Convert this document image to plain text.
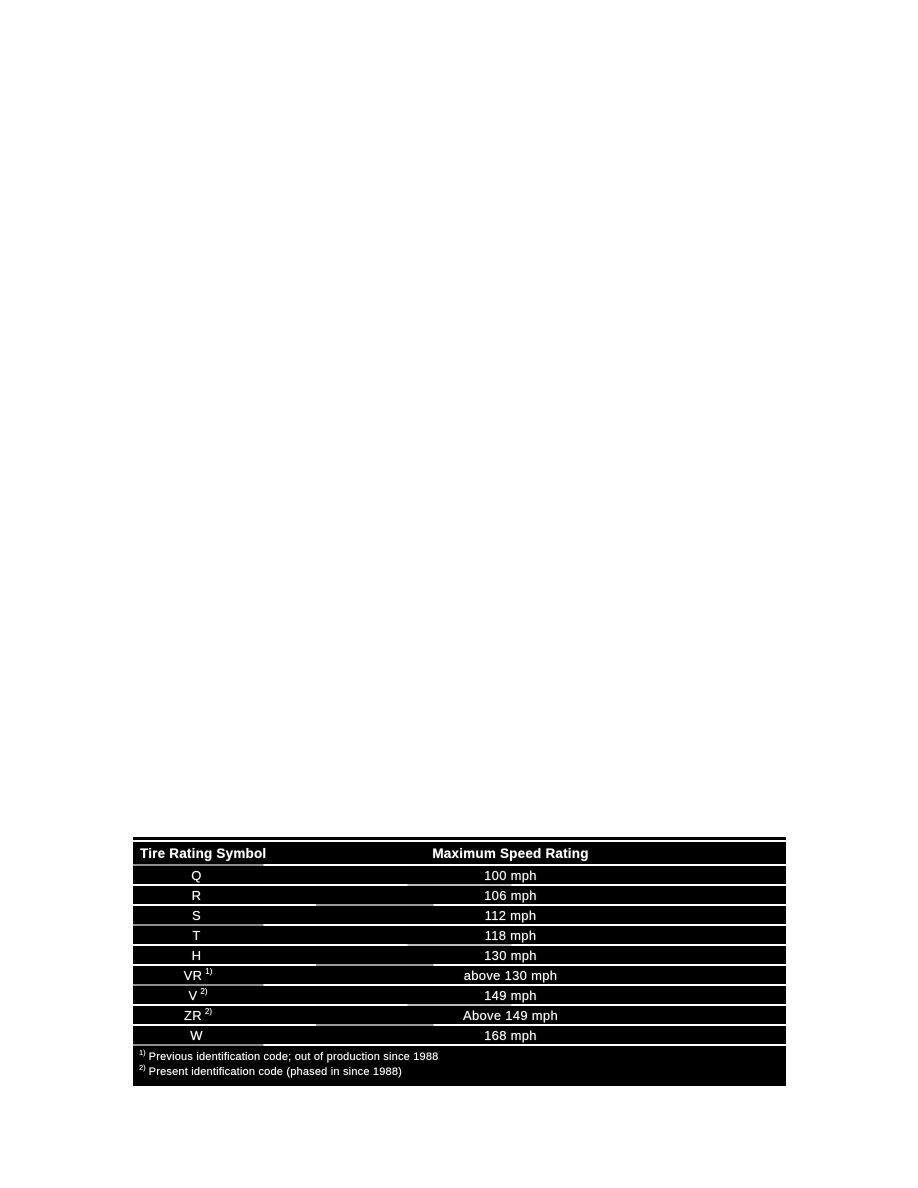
Tire Rating Symbol	Maximum Speed Rating
Q	100 mph
R	106 mph
S	112 mph
T	118 mph
H	130 mph
VR $^{1)}$	above 130 mph
V $^{2)}$	149 mph
ZR $^{2)}$	Above 149 mph
W	168 mph
$^{1)}$ Previous identification code; out of production since 1988
$^{2)}$ Present identification code (phased in since 1988)
